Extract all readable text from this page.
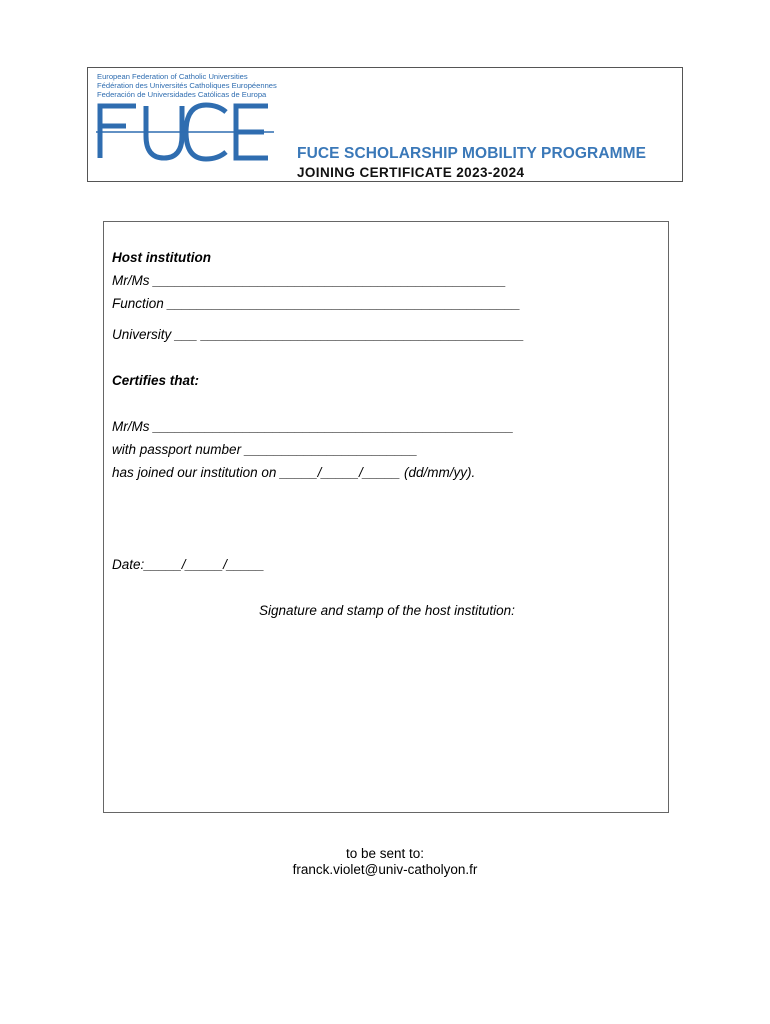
European Federation of Catholic Universities
Fédération des Universités Catholiques Européennes
Federación de Universidades Católicas de Europa
FUCE SCHOLARSHIP MOBILITY PROGRAMME
JOINING CERTIFICATE 2023-2024
Host institution
Mr/Ms _______________________________________________
Function _______________________________________________
University ___ ___________________________________________
Certifies that:
Mr/Ms ________________________________________________
with passport number _______________________
has joined our institution on _____/_____/_____ (dd/mm/yy).
Date:_____/_____/_____
Signature and stamp of the host institution:
to be sent to:
franck.violet@univ-catholyon.fr
